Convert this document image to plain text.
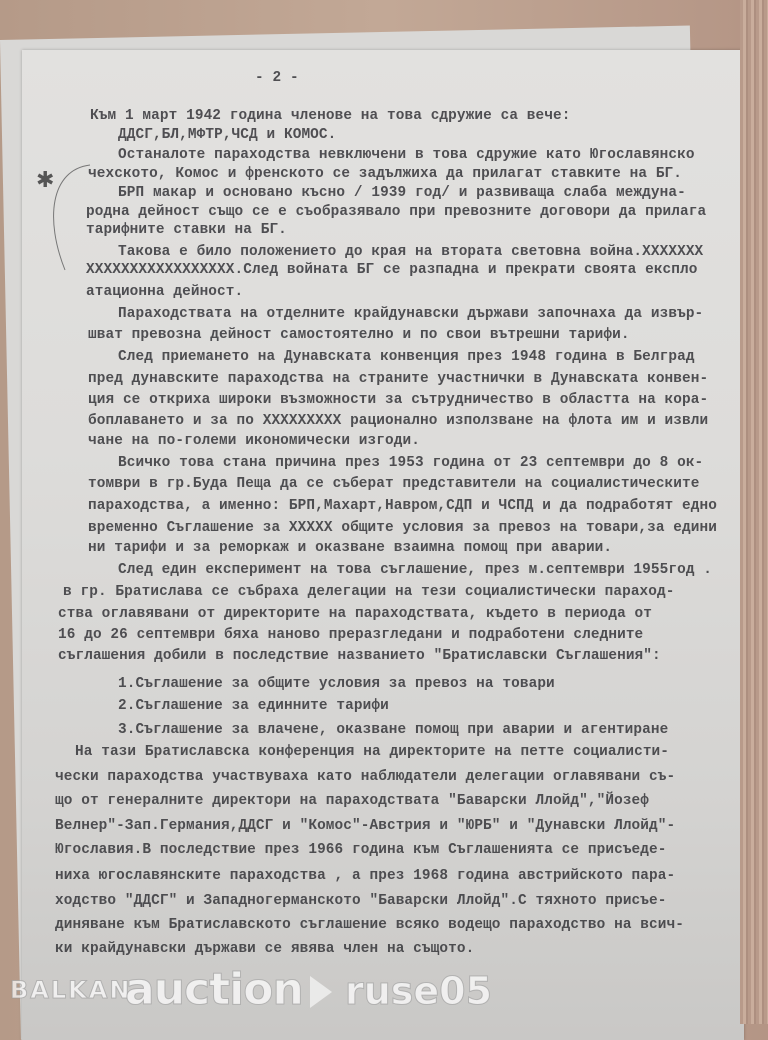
✱
- 2 -
Към 1 март 1942 година членове на това сдружие са вече:
ДДСГ,БЛ,МФТР,ЧСД и КОМОС.
Останалоте параходства невключени в това сдружие като Югославянско
чехското, Комос и френското се задължиха да прилагат ставките на БГ.
БРП макар и основано късно / 1939 год/ и развиваща слаба междуна-
родна дейност също се е съобразявало при превозните договори да прилага
тарифните ставки на БГ.
Такова е било положението до края на втората световна война.ХХХХХХХ
ХХХХХХХХХХХХХХХХХ.След войната БГ се разпадна и прекрати своята експло
атационна дейност.
Параходствата на отделните крайдунавски държави започнаха да извър-
шват превозна дейност самостоятелно и по свои вътрешни тарифи.
След приемането на Дунавската конвенция през 1948 година в Белград
пред дунавските параходства на страните участнички в Дунавската конвен-
ция се откриха широки възможности за сътрудничество в областта на кора-
боплаването и за по ХХХХХХХХХ рационално използване на флота им и извли
чане на по-големи икономически изгоди.
Всичко това стана причина през 1953 година от 23 септември до 8 ок-
томври в гр.Буда Пеща да се съберат представители на социалистическите
параходства, а именно: БРП,Махарт,Навром,СДП и ЧСПД и да подработят едно
временно Съглашение за ХХХХХ общите условия за превоз на товари,за едини
ни тарифи и за реморкаж и оказване взаимна помощ при аварии.
След един експеримент на това съглашение, през м.септември 1955год .
в гр. Братислава се събраха делегации на тези социалистически параход-
ства оглавявани от директорите на параходствата, където в периода от
16 до 26 септември бяха наново преразгледани и подработени следните
съглашения добили в последствие названието "Братиславски Съглашения":
1.Съглашение за общите условия за превоз на товари
2.Съглашение за единните тарифи
3.Съглашение за влачене, оказване помощ при аварии и агентиране
На тази Братиславска конференция на директорите на петте социалисти-
чески параходства участвуваха като наблюдатели делегации оглавявани съ-
що от генералните директори на параходствата "Баварски Ллойд","Йозеф
Велнер"-Зап.Германия,ДДСГ и "Комос"-Австрия и "ЮРБ" и "Дунавски Ллойд"-
Югославия.В последствие през 1966 година към Съглашенията се присъеде-
ниха югославянските параходства , а през 1968 година австрийското пара-
ходство "ДДСГ" и Западногерманското "Баварски Ллойд".С тяхното присъе-
диняване към Братиславското съглашение всяко водещо параходство на всич-
ки крайдунавски държави се явява член на същото.
BALKAN
auction ruse05
